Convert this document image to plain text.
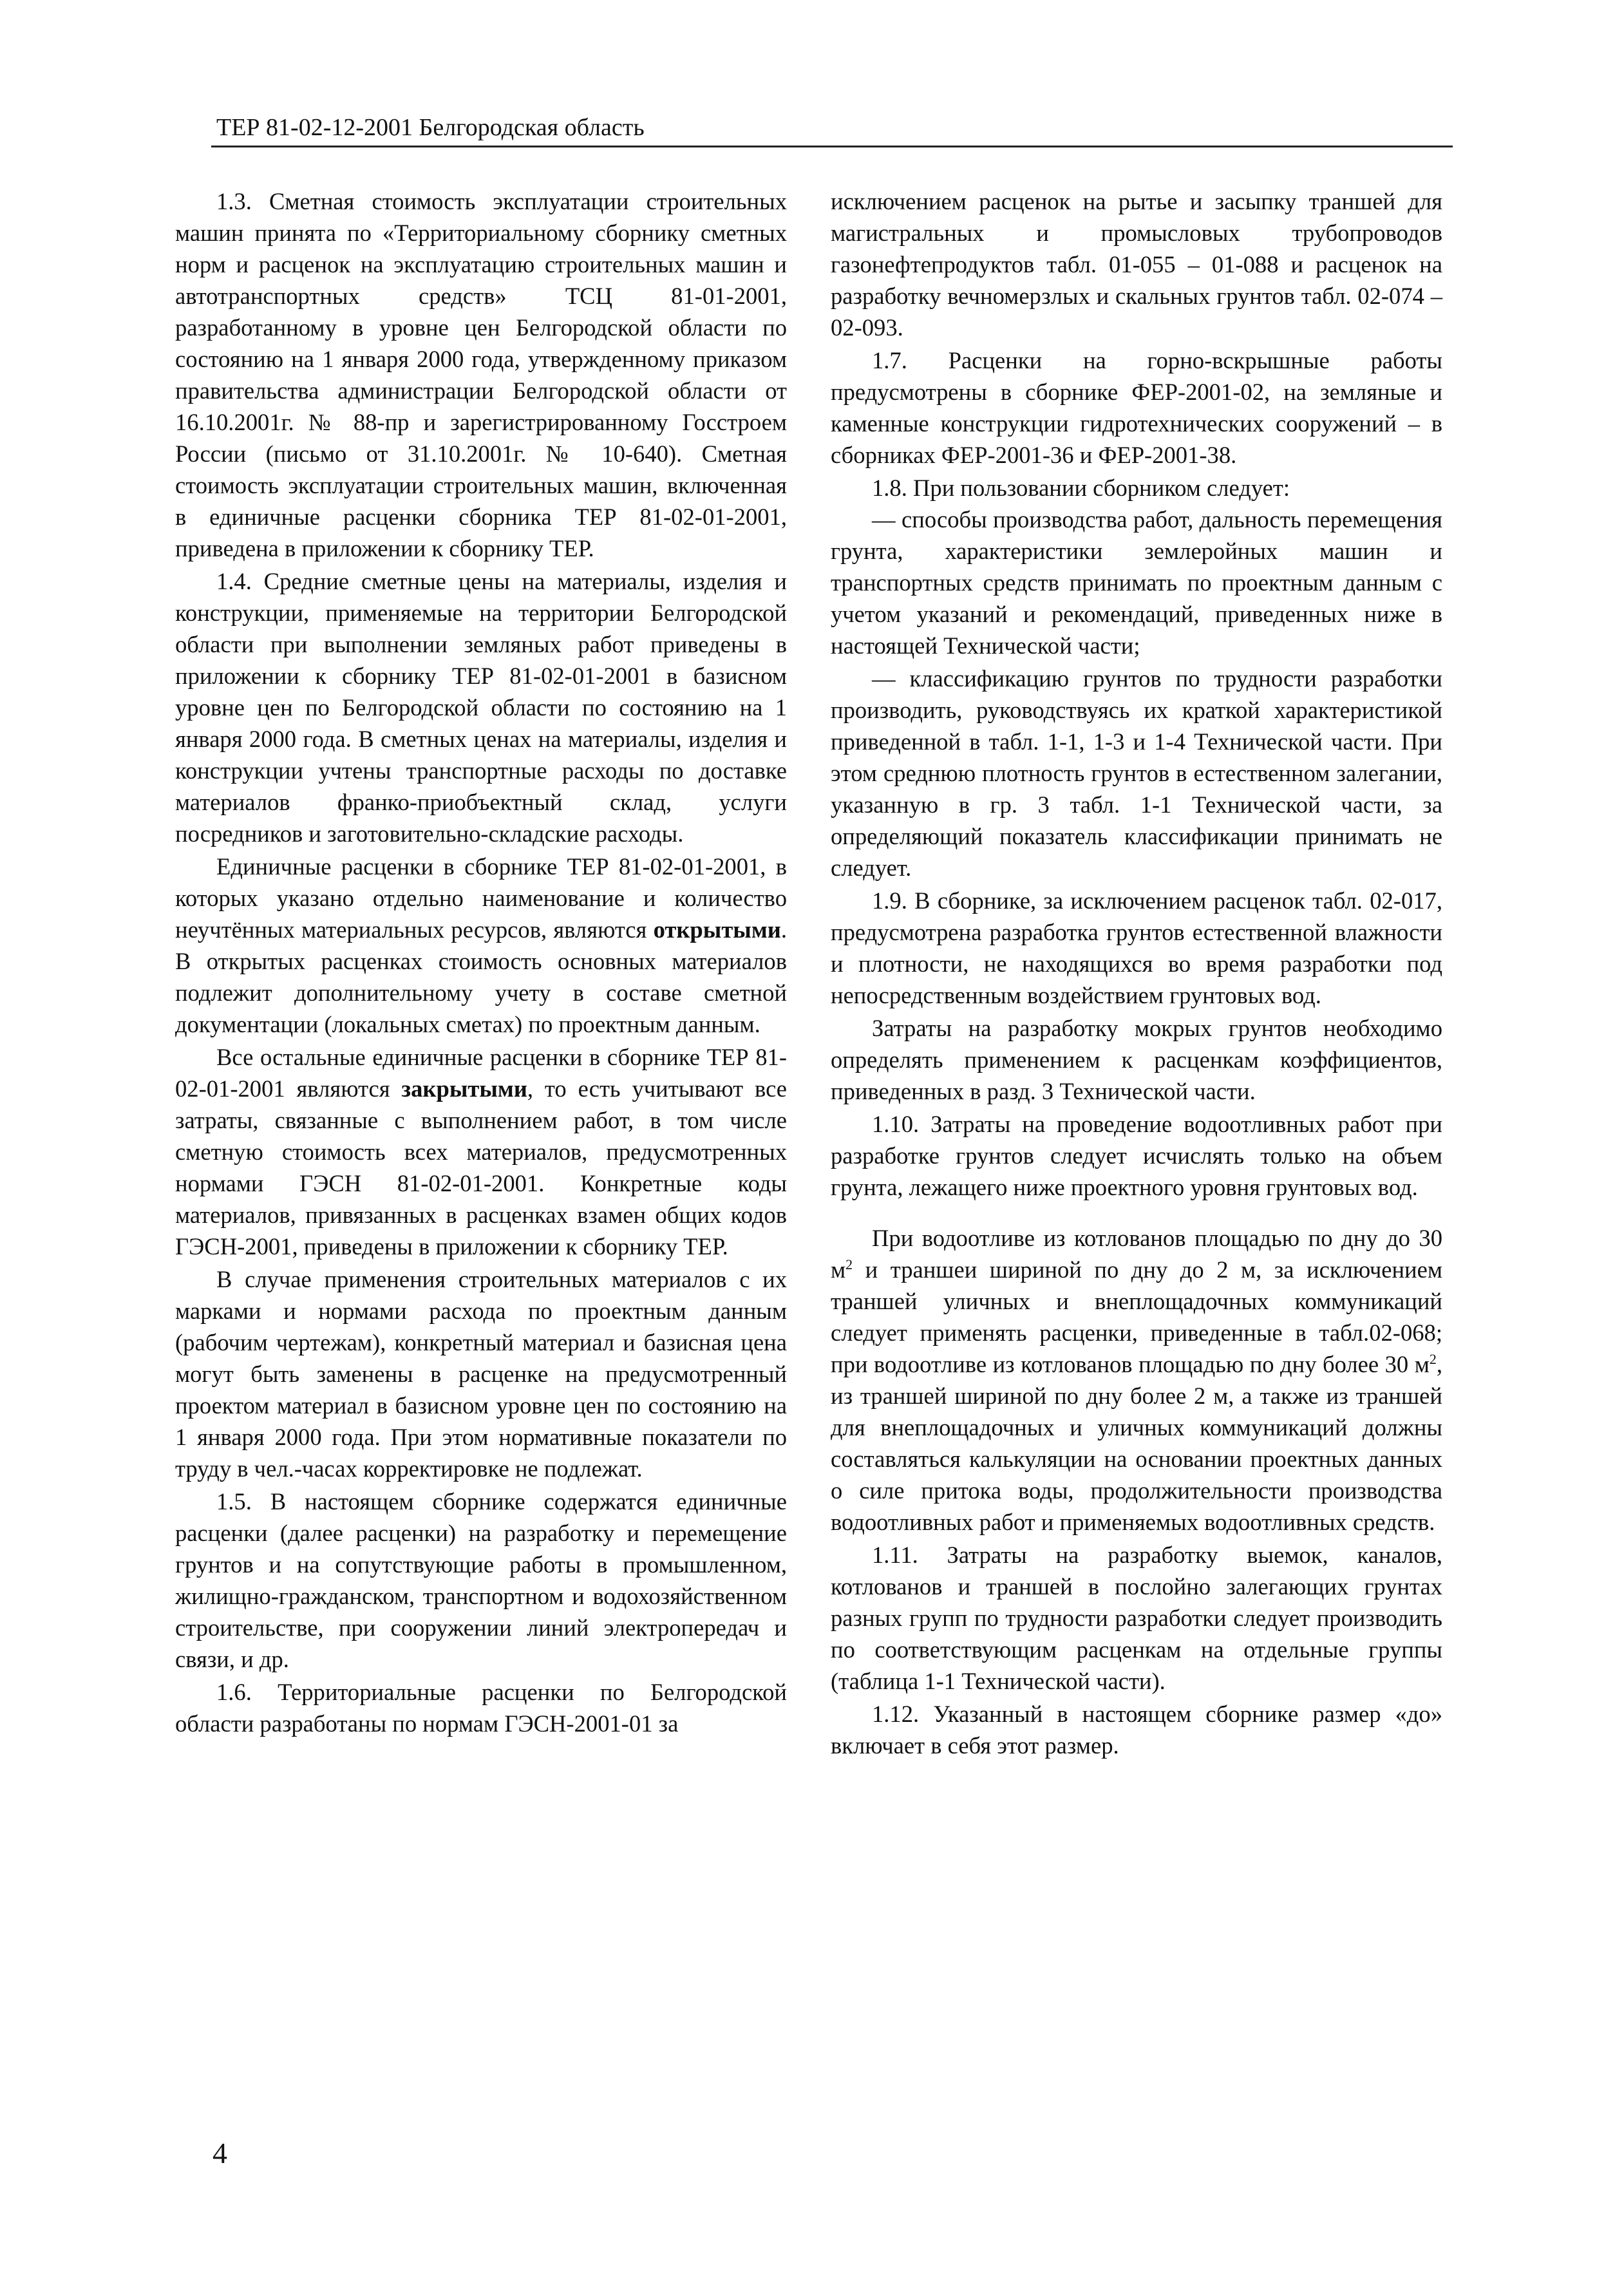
ТЕР 81-02-12-2001 Белгородская область

1.3. Сметная стоимость эксплуатации строительных машин принята по «Территориальному сборнику сметных норм и расценок на эксплуатацию строительных машин и автотранспортных средств» ТСЦ 81-01-2001, разработанному в уровне цен Белгородской области по состоянию на 1 января 2000 года, утвержденному приказом правительства администрации Белгородской области от 16.10.2001г. № 88-пр и зарегистрированному Госстроем России (письмо от 31.10.2001г. № 10-640). Сметная стоимость эксплуатации строительных машин, включенная в единичные расценки сборника ТЕР 81-02-01-2001, приведена в приложении к сборнику ТЕР.

1.4. Средние сметные цены на материалы, изделия и конструкции, применяемые на территории Белгородской области при выполнении земляных работ приведены в приложении к сборнику ТЕР 81-02-01-2001 в базисном уровне цен по Белгородской области по состоянию на 1 января 2000 года. В сметных ценах на материалы, изделия и конструкции учтены транспортные расходы по доставке материалов франко-приобъектный склад, услуги посредников и заготовительно-складские расходы.

Единичные расценки в сборнике ТЕР 81-02-01-2001, в которых указано отдельно наименование и количество неучтённых материальных ресурсов, являются открытыми. В открытых расценках стоимость основных материалов подлежит дополнительному учету в составе сметной документации (локальных сметах) по проектным данным.

Все остальные единичные расценки в сборнике ТЕР 81-02-01-2001 являются закрытыми, то есть учитывают все затраты, связанные с выполнением работ, в том числе сметную стоимость всех материалов, предусмотренных нормами ГЭСН 81-02-01-2001. Конкретные коды материалов, привязанных в расценках взамен общих кодов ГЭСН-2001, приведены в приложении к сборнику ТЕР.

В случае применения строительных материалов с их марками и нормами расхода по проектным данным (рабочим чертежам), конкретный материал и базисная цена могут быть заменены в расценке на предусмотренный проектом материал в базисном уровне цен по состоянию на 1 января 2000 года. При этом нормативные показатели по труду в чел.-часах корректировке не подлежат.

1.5. В настоящем сборнике содержатся единичные расценки (далее расценки) на разработку и перемещение грунтов и на сопутствующие работы в промышленном, жилищно-гражданском, транспортном и водохозяйственном строительстве, при сооружении линий электропередач и связи, и др.

1.6. Территориальные расценки по Белгородской области разработаны по нормам ГЭСН-2001-01 за

исключением расценок на рытье и засыпку траншей для магистральных и промысловых трубопроводов газонефтепродуктов табл. 01-055 – 01-088 и расценок на разработку вечномерзлых и скальных грунтов табл. 02-074 – 02-093.

1.7. Расценки на горно-вскрышные работы предусмотрены в сборнике ФЕР-2001-02, на земляные и каменные конструкции гидротехнических сооружений – в сборниках ФЕР-2001-36 и ФЕР-2001-38.

1.8. При пользовании сборником следует:

— способы производства работ, дальность перемещения грунта, характеристики землеройных машин и транспортных средств принимать по проектным данным с учетом указаний и рекомендаций, приведенных ниже в настоящей Технической части;

— классификацию грунтов по трудности разработки производить, руководствуясь их краткой характеристикой приведенной в табл. 1-1, 1-3 и 1-4 Технической части. При этом среднюю плотность грунтов в естественном залегании, указанную в гр. 3 табл. 1-1 Технической части, за определяющий показатель классификации принимать не следует.

1.9. В сборнике, за исключением расценок табл. 02-017, предусмотрена разработка грунтов естественной влажности и плотности, не находящихся во время разработки под непосредственным воздействием грунтовых вод.

Затраты на разработку мокрых грунтов необходимо определять применением к расценкам коэффициентов, приведенных в разд. 3 Технической части.

1.10. Затраты на проведение водоотливных работ при разработке грунтов следует исчислять только на объем грунта, лежащего ниже проектного уровня грунтовых вод.

При водоотливе из котлованов площадью по дну до 30 $м^2$ и траншеи шириной по дну до 2 м, за исключением траншей уличных и внеплощадочных коммуникаций следует применять расценки, приведенные в табл.02-068; при водоотливе из котлованов площадью по дну более 30 $м^2$, из траншей шириной по дну более 2 м, а также из траншей для внеплощадочных и уличных коммуникаций должны составляться калькуляции на основании проектных данных о силе притока воды, продолжительности производства водоотливных работ и применяемых водоотливных средств.

1.11. Затраты на разработку выемок, каналов, котлованов и траншей в послойно залегающих грунтах разных групп по трудности разработки следует производить по соответствующим расценкам на отдельные группы (таблица 1-1 Технической части).

1.12. Указанный в настоящем сборнике размер «до» включает в себя этот размер.

4
